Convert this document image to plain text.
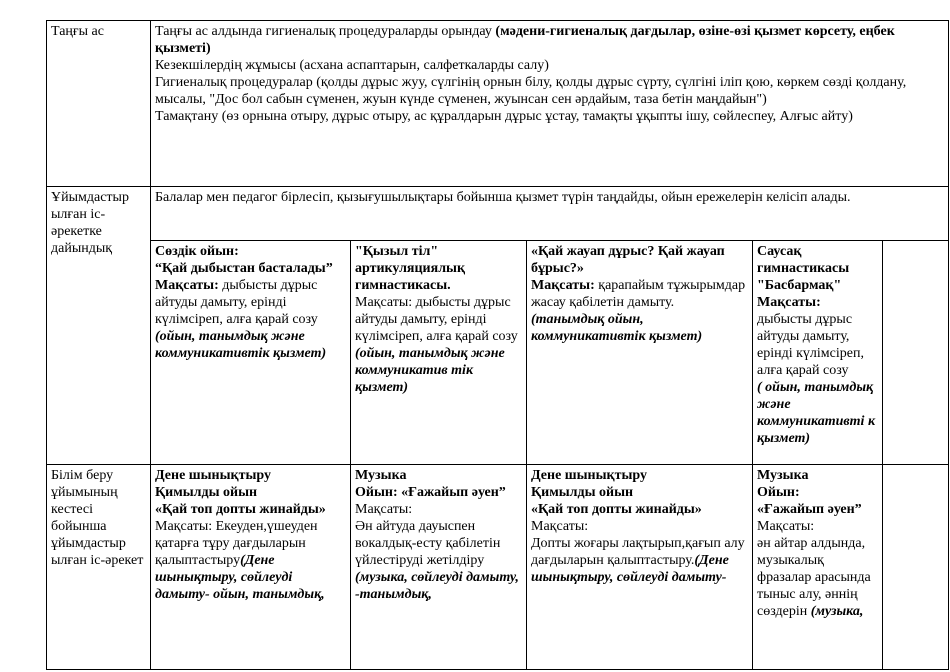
Таңғы ас	Таңғы ас алдында гигиеналық процедураларды орындау (мәдени-гигиеналық дағдылар, өзіне-өзі қызмет көрсету, еңбек қызметі)
Кезекшілердің жұмысы (асхана аспаптарын, салфеткаларды салу)
Гигиеналық процедуралар (қолды дұрыс жуу, сүлгінің орнын білу, қолды дұрыс сүрту, сүлгіні іліп қою, көркем сөзді қолдану, мысалы, "Дос бол сабын сүменен, жуын күнде сүменен, жуынсан сен әрдайым, таза бетін маңдайын")
Тамақтану (өз орнына отыру, дұрыс отыру, ас құралдарын дұрыс ұстау, тамақты ұқыпты ішу, сөйлеспеу, Алғыс айту)				

Ұйымдастыр ылған іс-әрекетке дайындық	Балалар мен педагог бірлесіп, қызығушылықтары бойынша қызмет түрін таңдайды, ойын ережелерін келісіп алады.				

	Сөздік ойын:
“Қай дыбыстан басталады”
Мақсаты: дыбысты дұрыс айтуды дамыту, ерінді күлімсіреп, алға қарай созу
(ойын, танымдық және коммуникативтік қызмет)	"Қызыл тіл" артикуляциялық гимнастикасы.
Мақсаты: дыбысты дұрыс айтуды дамыту, ерінді күлімсіреп, алға қарай созу
(ойын, танымдық және коммуникатив тік қызмет)	«Қай жауап дұрыс? Қай жауап бұрыс?»
Мақсаты: қарапайым тұжырымдар жасау қабілетін дамыту.
(танымдық ойын, коммуникативтік қызмет)	Саусақ гимнастикасы "Басбармақ"
Мақсаты:
дыбысты дұрыс айтуды дамыту, ерінді күлімсіреп, алға қарай созу
( ойын, танымдық және коммуникативті к қызмет)	

Білім беру ұйымының кестесі бойынша ұйымдастыр ылған іс-әрекет	Дене шынықтыру
Қимылды ойын
«Қай топ допты жинайды»
Мақсаты: Екеуден,үшеуден қатарға тұру дағдыларын қалыптастыру(Дене шынықтыру, сөйлеуді дамыту- ойын, танымдық,	Музыка
Ойын: «Ғажайып әуен”
Мақсаты:
Ән айтуда дауыспен вокалдық-есту қабілетін үйлестіруді жетілдіру
(музыка, сөйлеуді дамыту, -танымдық,	Дене шынықтыру
Қимылды ойын
«Қай топ допты жинайды»
Мақсаты:
Допты жоғары лақтырып,қағып алу дағдыларын қалыптастыру.(Дене шынықтыру, сөйлеуді дамыту-	Музыка
Ойын:
«Ғажайып әуен”
Мақсаты:
ән айтар алдында, музыкалық фразалар арасында тыныс алу, әннің сөздерін (музыка,	
